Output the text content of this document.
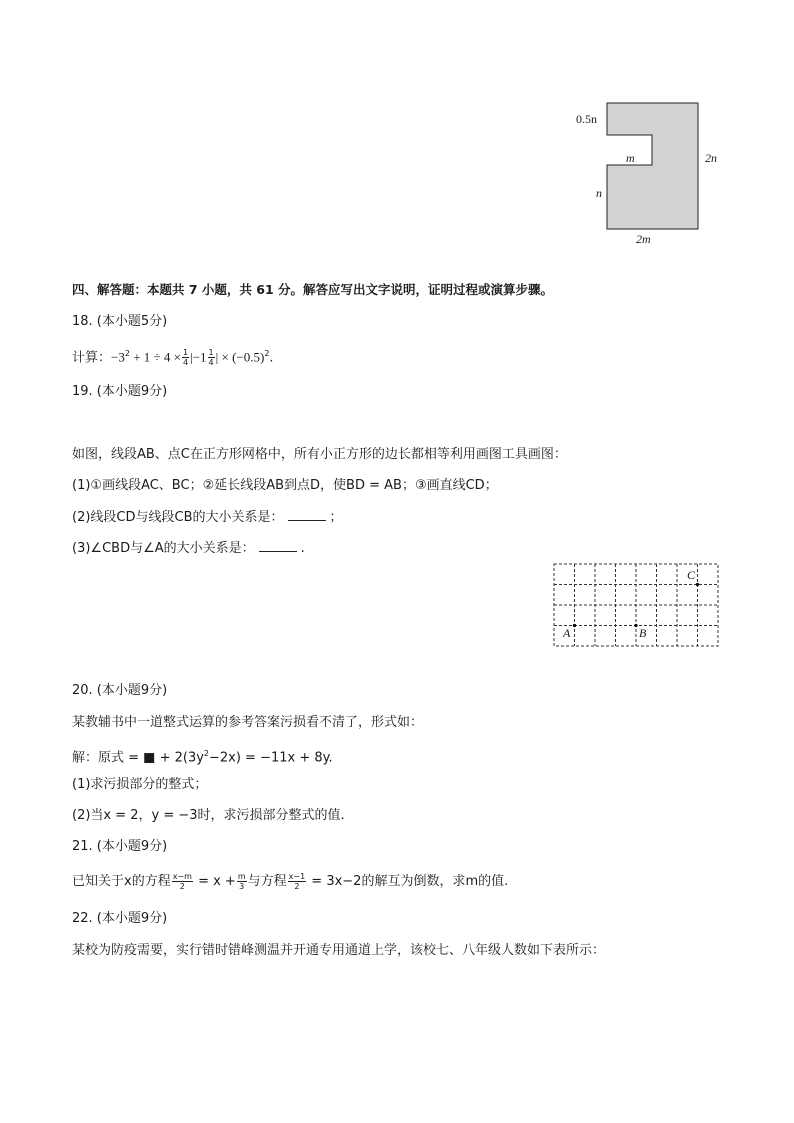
0.5n
m	2n
n
2m
四、解答题：本题共 7 小题，共 61 分。解答应写出文字说明，证明过程或演算步骤。
18. (本小题5分)
计算：$-3^2 + 1 \div 4 \times \frac{1}{4} |-1 \frac{1}{4}$ | × $(-0.5)^2$.
19. (本小题9分)
如图，线段AB、点C在正方形网格中，所有小正方形的边长都相等利用画图工具画图：
(1)①画线段AC、BC；②延长线段AB到点D，使BD = AB；③画直线CD；
(2)线段CD与线段CB的大小关系是：	；
(3)∠CBD与∠A的大小关系是：	.
A	B
C
20. (本小题9分)
某教辅书中一道整式运算的参考答案污损看不清了，形式如：
解：原式 = ■ + $2(3y^2-2x) = -11x + 8y$.
(1)求污损部分的整式；
(2)当x = 2，y = −3时，求污损部分整式的值.
21. (本小题9分)
已知关于x的方程 $\frac{x-m}{2} = x + \frac{m}{3}$ 与方程 $\frac{x-1}{2} = 3x-2$的解互为倒数，求m的值.
22. (本小题9分)
某校为防疫需要，实行错时错峰测温并开通专用通道上学，该校七、八年级人数如下表所示：
